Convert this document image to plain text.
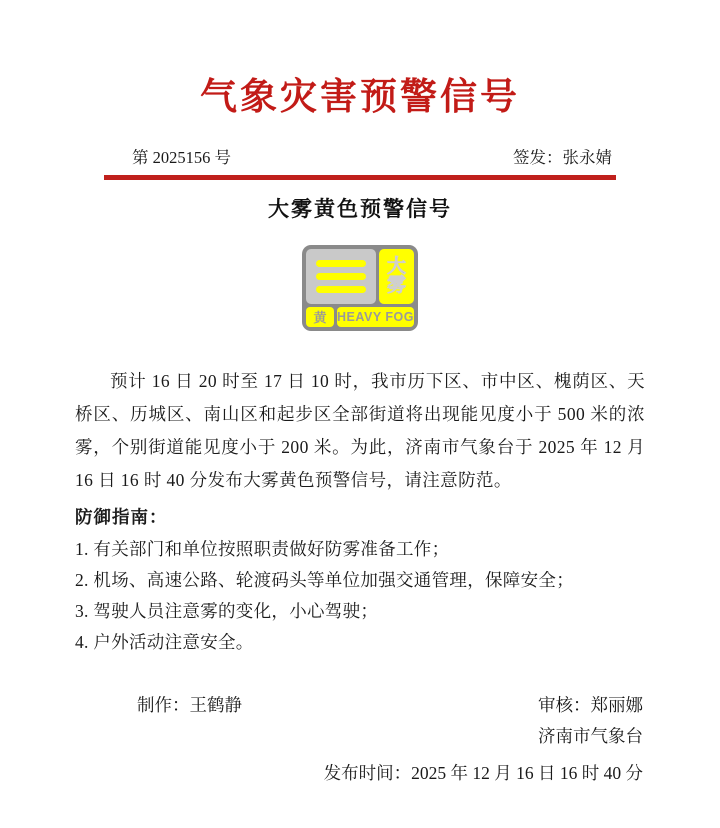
气象灾害预警信号
第 2025156 号	签发：张永婧
大雾黄色预警信号
大
雾
黄 HEAVY FOG

预计 16 日 20 时至 17 日 10 时，我市历下区、市中区、槐荫区、天桥区、历城区、南山区和起步区全部街道将出现能见度小于 500 米的浓雾，个别街道能见度小于 200 米。为此，济南市气象台于 2025 年 12 月 16 日 16 时 40 分发布大雾黄色预警信号，请注意防范。

防御指南：
1. 有关部门和单位按照职责做好防雾准备工作；
2. 机场、高速公路、轮渡码头等单位加强交通管理，保障安全；
3. 驾驶人员注意雾的变化，小心驾驶；
4. 户外活动注意安全。
制作：王鹤静	审核：郑丽娜
济南市气象台
发布时间：2025 年 12 月 16 日 16 时 40 分
